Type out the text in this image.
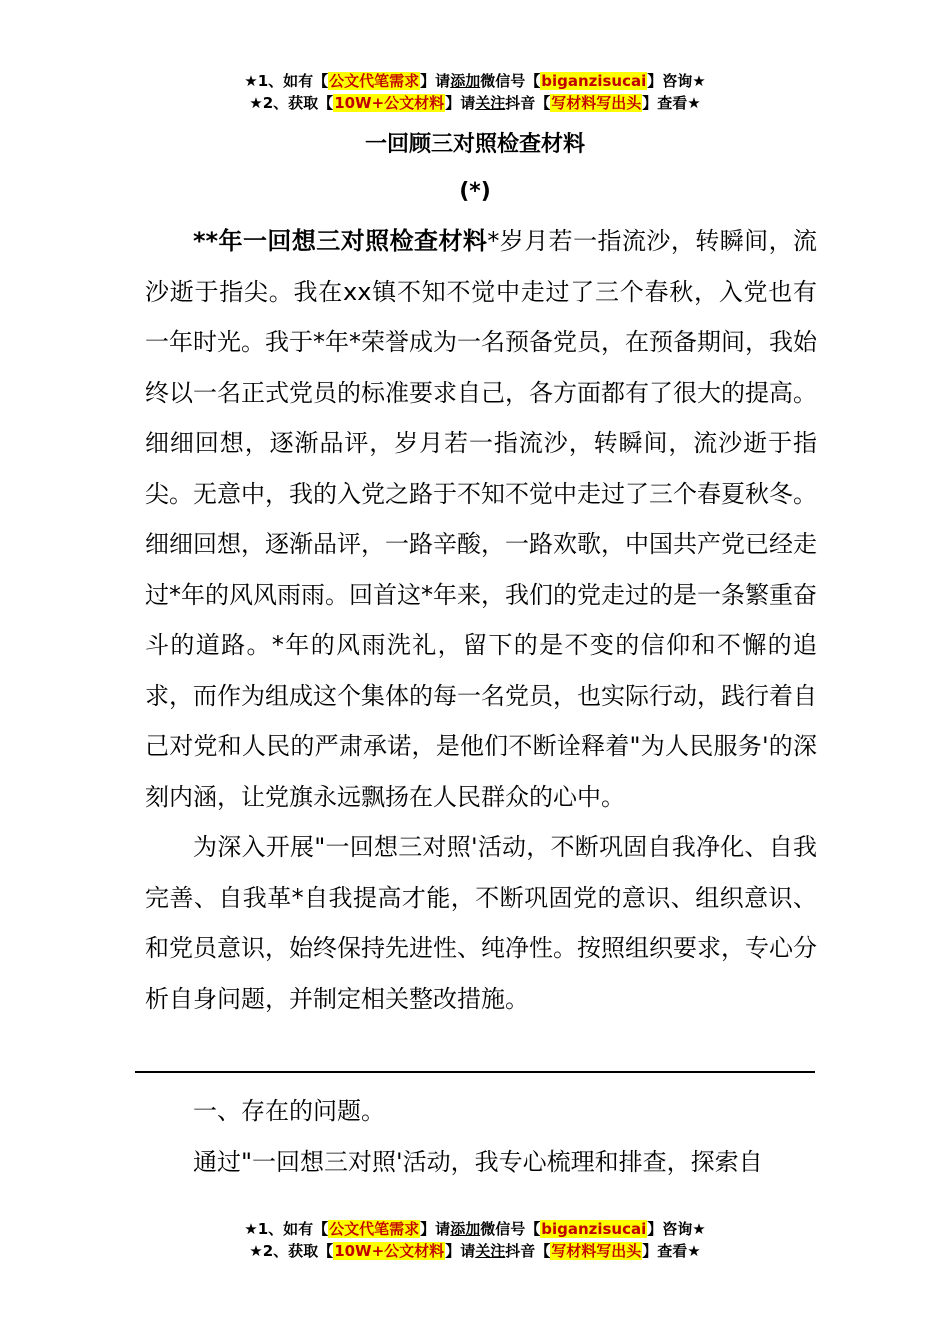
★1、如有【公文代笔需求】请添加微信号【biganzisucai】咨询★
★2、获取【10W+公文材料】请关注抖音【写材料写出头】查看★
一回顾三对照检查材料
(*)

**年一回想三对照检查材料*岁月若一指流沙，转瞬间，流沙逝于指尖。我在xx镇不知不觉中走过了三个春秋，入党也有一年时光。我于*年*荣誉成为一名预备党员，在预备期间，我始终以一名正式党员的标准要求自己，各方面都有了很大的提高。细细回想，逐渐品评，岁月若一指流沙，转瞬间，流沙逝于指尖。无意中，我的入党之路于不知不觉中走过了三个春夏秋冬。细细回想，逐渐品评，一路辛酸，一路欢歌，中国共产党已经走过*年的风风雨雨。回首这*年来，我们的党走过的是一条繁重奋斗的道路。*年的风雨洗礼，留下的是不变的信仰和不懈的追求，而作为组成这个集体的每一名党员，也实际行动，践行着自己对党和人民的严肃承诺，是他们不断诠释着"为人民服务'的深刻内涵，让党旗永远飘扬在人民群众的心中。

为深入开展"一回想三对照'活动，不断巩固自我净化、自我完善、自我革*自我提高才能，不断巩固党的意识、组织意识、和党员意识，始终保持先进性、纯净性。按照组织要求，专心分析自身问题，并制定相关整改措施。

一、存在的问题。

通过"一回想三对照'活动，我专心梳理和排查，探索自

★1、如有【公文代笔需求】请添加微信号【biganzisucai】咨询★
★2、获取【10W+公文材料】请关注抖音【写材料写出头】查看★
